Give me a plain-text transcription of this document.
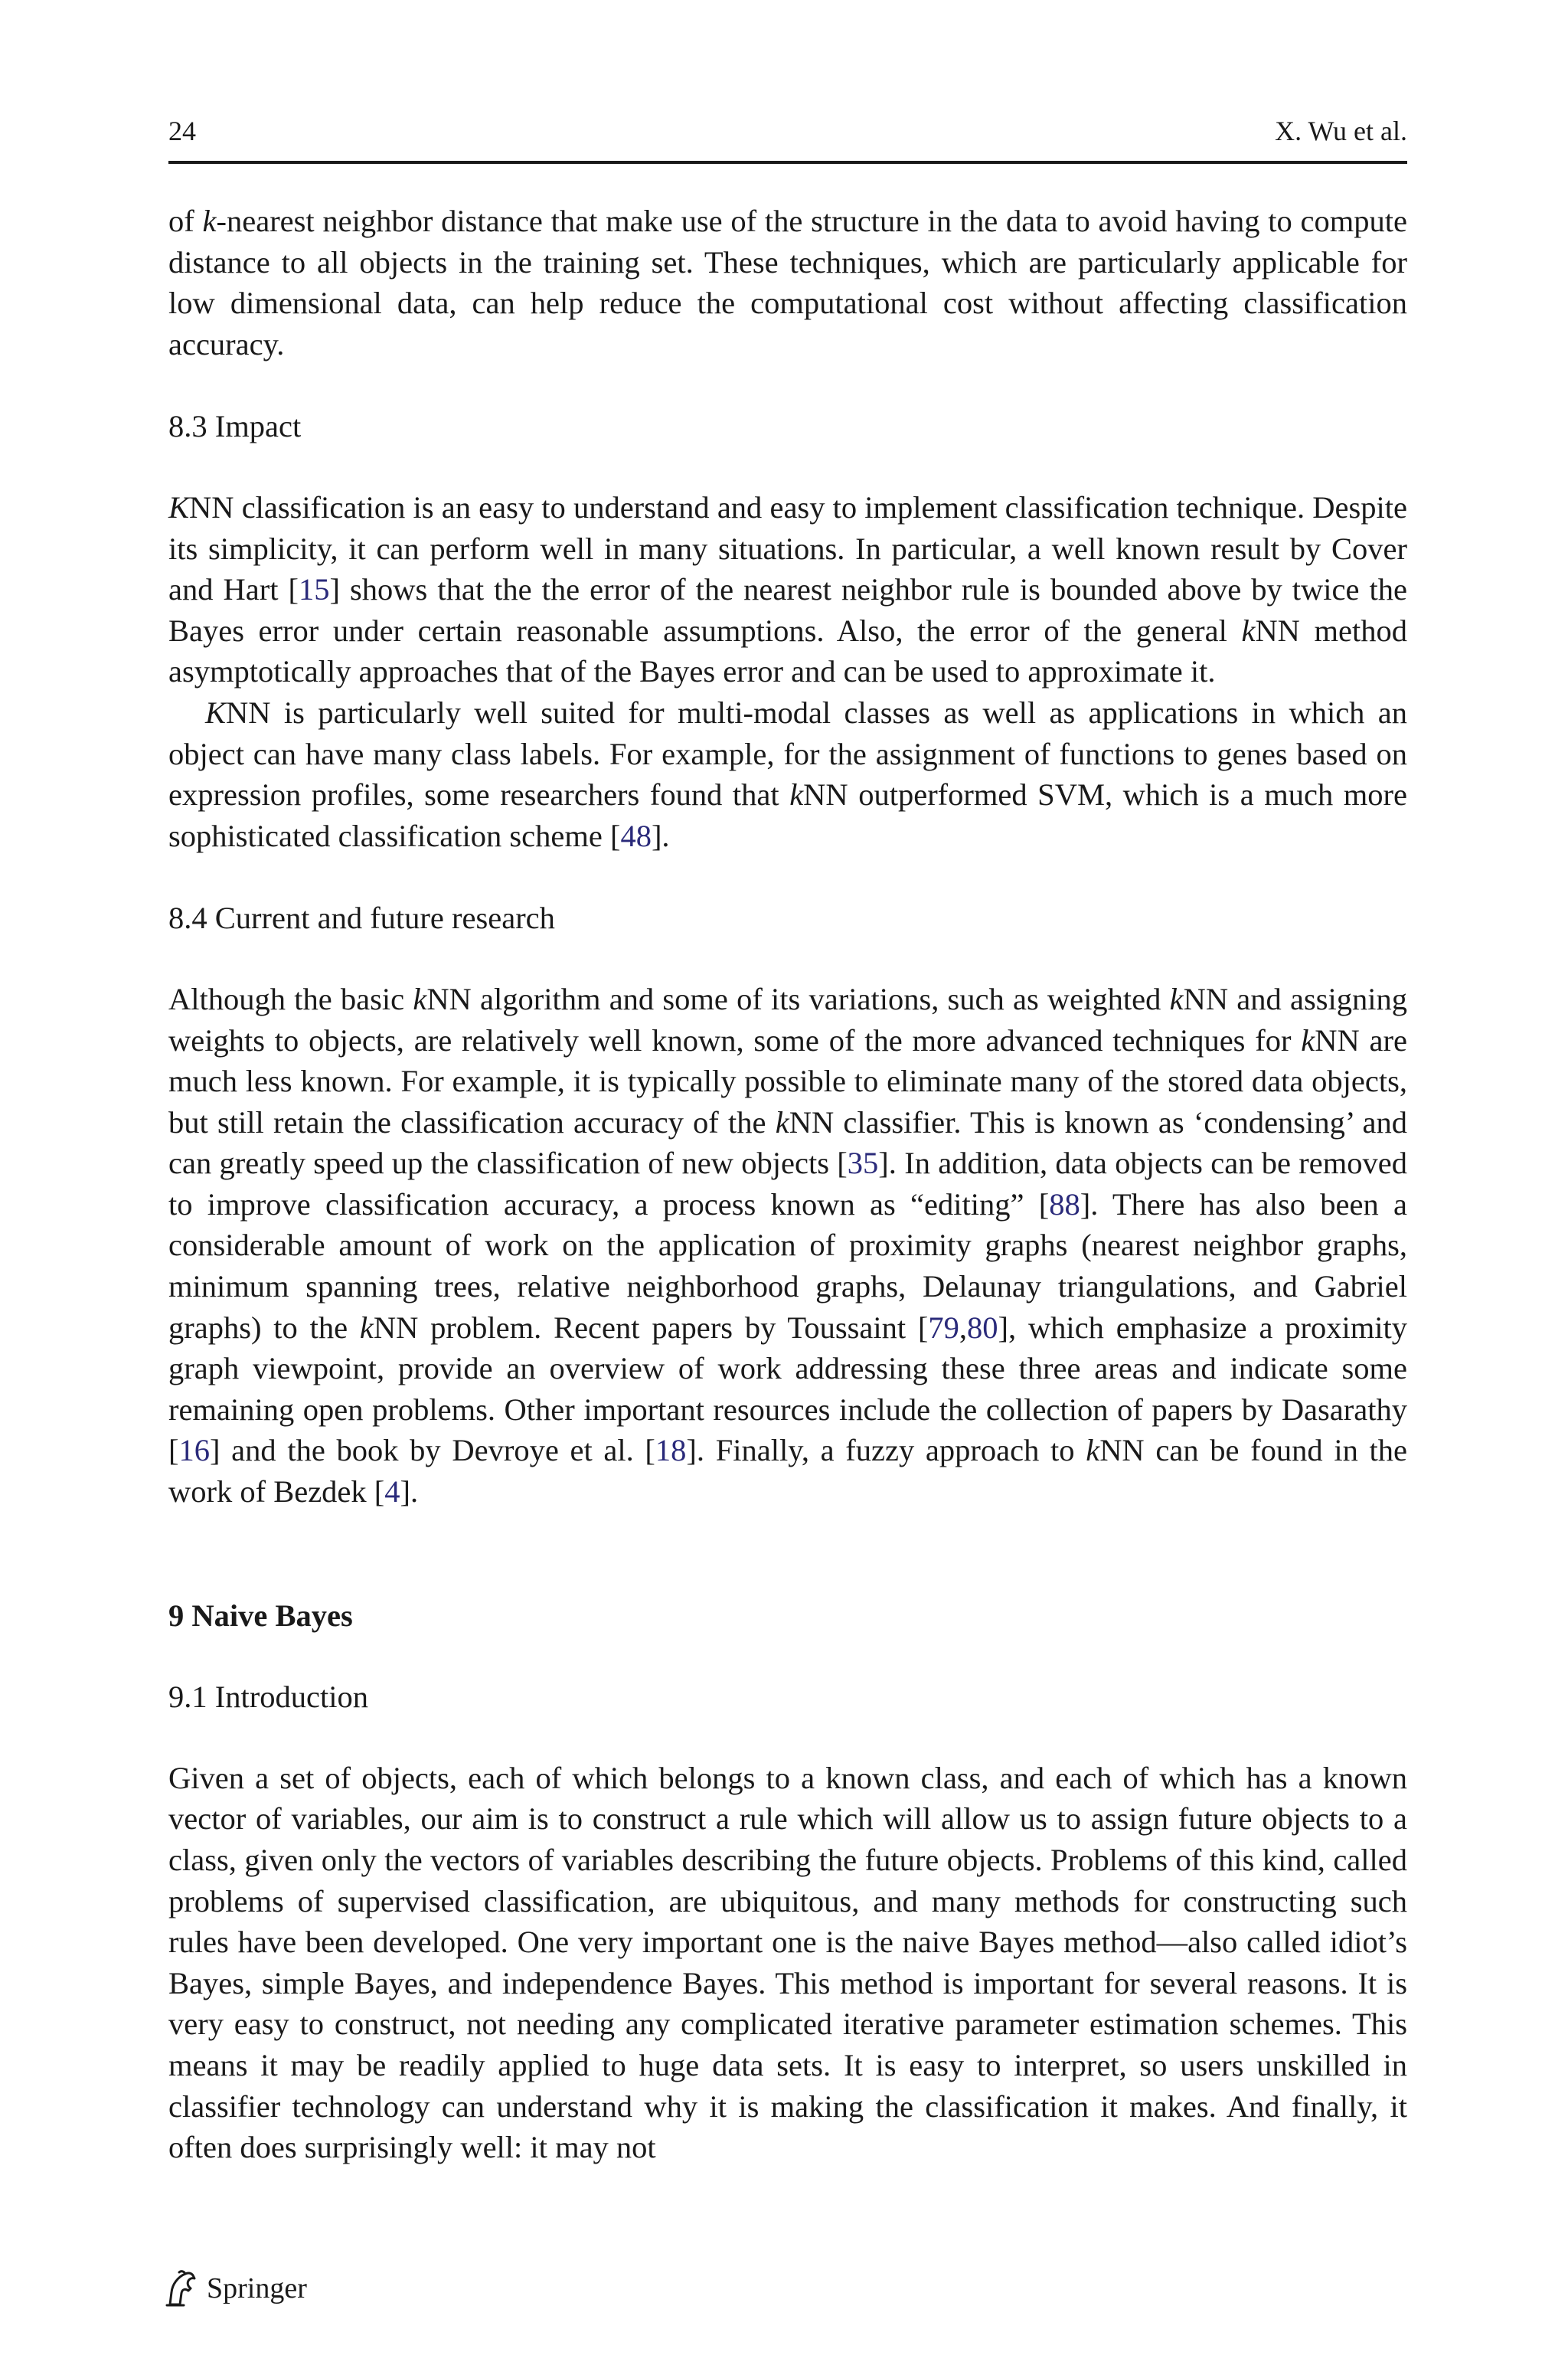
24	X. Wu et al.

of k-nearest neighbor distance that make use of the structure in the data to avoid having to compute distance to all objects in the training set. These techniques, which are particularly applicable for low dimensional data, can help reduce the computational cost without affecting classification accuracy.

8.3 Impact

KNN classification is an easy to understand and easy to implement classification technique. Despite its simplicity, it can perform well in many situations. In particular, a well known result by Cover and Hart [15] shows that the the error of the nearest neighbor rule is bounded above by twice the Bayes error under certain reasonable assumptions. Also, the error of the general kNN method asymptotically approaches that of the Bayes error and can be used to approximate it.

KNN is particularly well suited for multi-modal classes as well as applications in which an object can have many class labels. For example, for the assignment of functions to genes based on expression profiles, some researchers found that kNN outperformed SVM, which is a much more sophisticated classification scheme [48].

8.4 Current and future research

Although the basic kNN algorithm and some of its variations, such as weighted kNN and assigning weights to objects, are relatively well known, some of the more advanced techniques for kNN are much less known. For example, it is typically possible to eliminate many of the stored data objects, but still retain the classification accuracy of the kNN classifier. This is known as ‘condensing’ and can greatly speed up the classification of new objects [35]. In addition, data objects can be removed to improve classification accuracy, a process known as “editing” [88]. There has also been a considerable amount of work on the application of proximity graphs (nearest neighbor graphs, minimum spanning trees, relative neighborhood graphs, Delaunay triangulations, and Gabriel graphs) to the kNN problem. Recent papers by Toussaint [79,80], which emphasize a proximity graph viewpoint, provide an overview of work addressing these three areas and indicate some remaining open problems. Other important resources include the collection of papers by Dasarathy [16] and the book by Devroye et al. [18]. Finally, a fuzzy approach to kNN can be found in the work of Bezdek [4].

9 Naive Bayes
9.1 Introduction

Given a set of objects, each of which belongs to a known class, and each of which has a known vector of variables, our aim is to construct a rule which will allow us to assign future objects to a class, given only the vectors of variables describing the future objects. Problems of this kind, called problems of supervised classification, are ubiquitous, and many methods for constructing such rules have been developed. One very important one is the naive Bayes method—also called idiot’s Bayes, simple Bayes, and independence Bayes. This method is important for several reasons. It is very easy to construct, not needing any complicated iterative parameter estimation schemes. This means it may be readily applied to huge data sets. It is easy to interpret, so users unskilled in classifier technology can understand why it is making the classification it makes. And finally, it often does surprisingly well: it may not

Springer
